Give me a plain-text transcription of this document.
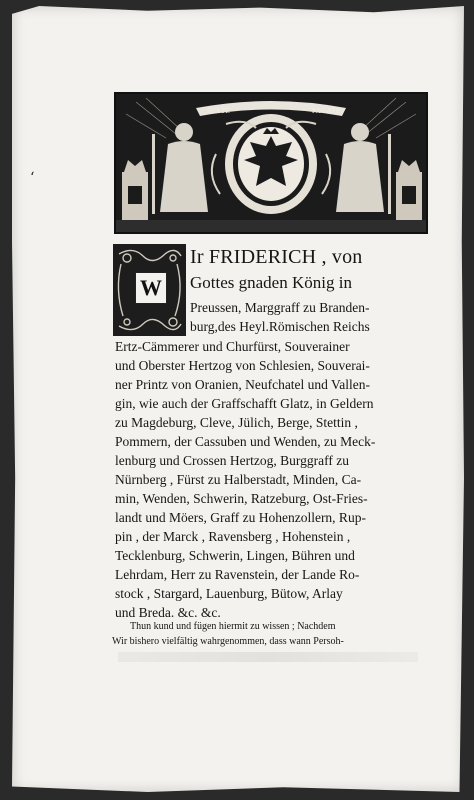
‘
IUSTE	PACATE
W
Ir FRIDERICH , von
Gottes gnaden König in
Preussen, Marggraff zu Branden-
burg,des Heyl.Römischen Reichs
Ertz-Cämmerer und Churfürst, Souverainer
und Oberster Hertzog von Schlesien, Souverai-
ner Printz von Oranien, Neufchatel und Vallen-
gin, wie auch der Graffschafft Glatz, in Geldern
zu Magdeburg, Cleve, Jülich, Berge, Stettin ,
Pommern, der Cassuben und Wenden, zu Meck-
lenburg und Crossen Hertzog, Burggraff zu
Nürnberg , Fürst zu Halberstadt, Minden, Ca-
min, Wenden, Schwerin, Ratzeburg, Ost-Fries-
landt und Möers, Graff zu Hohenzollern, Rup-
pin , der Marck , Ravensberg , Hohenstein ,
Tecklenburg, Schwerin, Lingen, Bühren und
Lehrdam, Herr zu Ravenstein, der Lande Ro-
stock , Stargard, Lauenburg, Bütow, Arlay
und Breda. &c. &c.
Thun kund und fügen hiermit zu wissen ; Nachdem
Wir bishero vielfältig wahrgenommen, dass wann Persoh-
